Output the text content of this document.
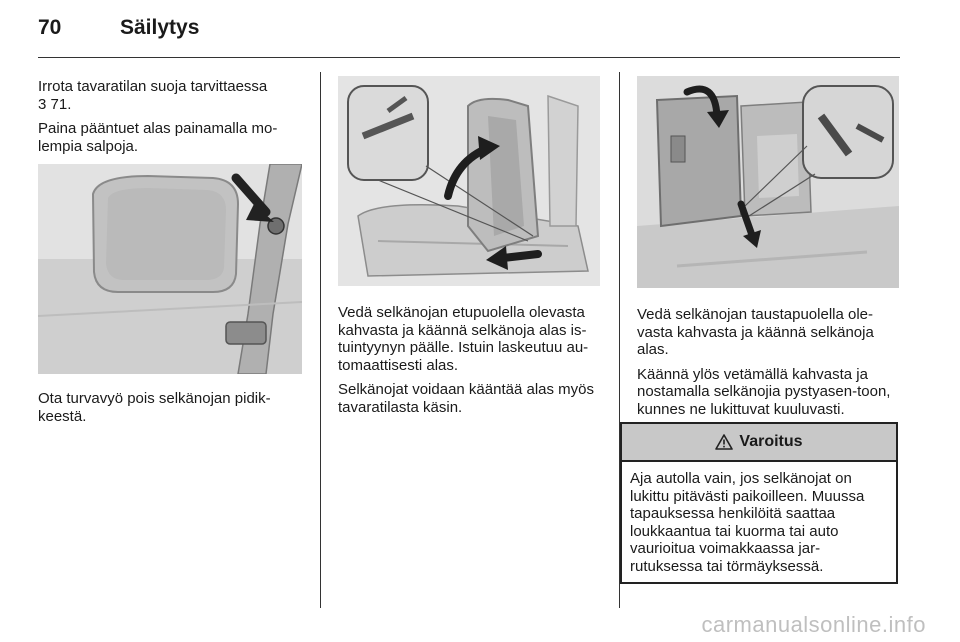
70	Säilytys

Irrota tavaratilan suoja tarvittaessa
3 71.

Paina pääntuet alas painamalla mo-lempia salpoja.

Ota turvavyö pois selkänojan pidik-keestä.

Vedä selkänojan etupuolella olevasta kahvasta ja käännä selkänoja alas is-tuintyynyn päälle. Istuin laskeutuu au-tomaattisesti alas.

Selkänojat voidaan kääntää alas myös tavaratilasta käsin.

Vedä selkänojan taustapuolella ole-vasta kahvasta ja käännä selkänoja alas.

Käännä ylös vetämällä kahvasta ja nostamalla selkänojia pystyasen-toon, kunnes ne lukittuvat kuuluvasti.

Varoitus
Aja autolla vain, jos selkänojat on lukittu pitävästi paikoilleen. Muussa tapauksessa henkilöitä saattaa loukkaantua tai kuorma tai auto vaurioitua voimakkaassa jar-rutuksessa tai törmäyksessä.
carmanualsonline.info
